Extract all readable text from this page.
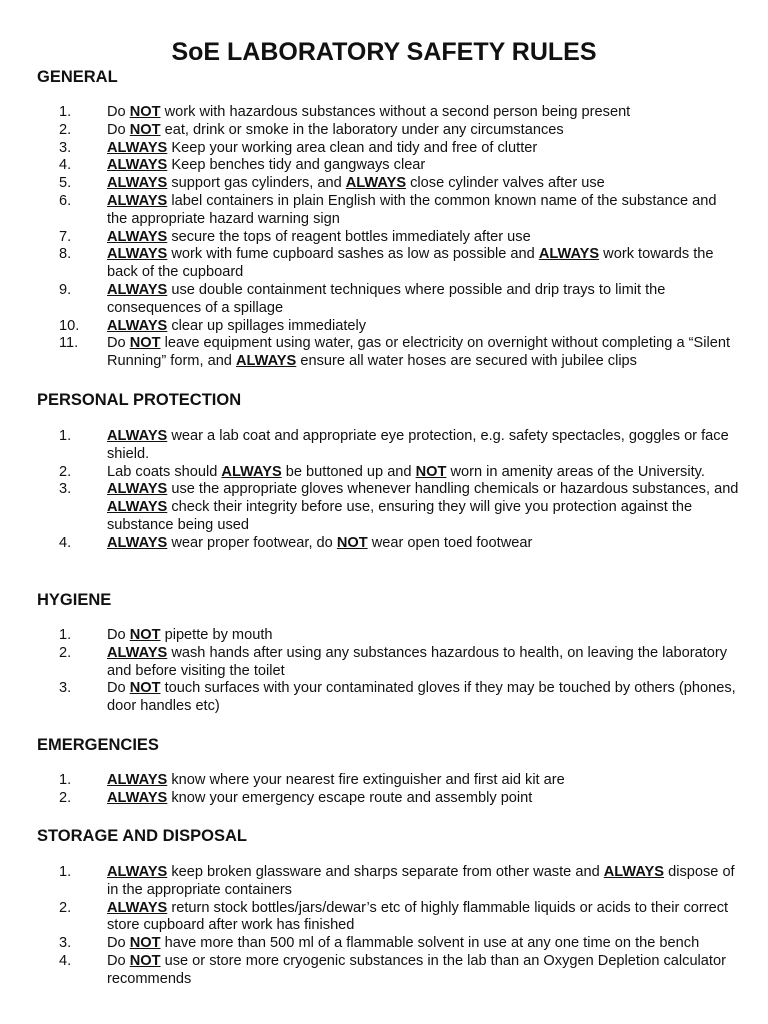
SoE LABORATORY SAFETY RULES
GENERAL
1.	Do NOT work with hazardous substances without a second person being present
2.	Do NOT eat, drink or smoke in the laboratory under any circumstances
3.	ALWAYS Keep your working area clean and tidy and free of clutter
4.	ALWAYS Keep benches tidy and gangways clear
5.	ALWAYS support gas cylinders, and ALWAYS close cylinder valves after use
6.	ALWAYS label containers in plain English with the common known name of the substance and the appropriate hazard warning sign
7.	ALWAYS secure the tops of reagent bottles immediately after use
8.	ALWAYS work with fume cupboard sashes as low as possible and ALWAYS work towards the back of the cupboard
9.	ALWAYS use double containment techniques where possible and drip trays to limit the consequences of a spillage
10. ALWAYS clear up spillages immediately
11. Do NOT leave equipment using water, gas or electricity on overnight without completing a “Silent Running” form, and ALWAYS ensure all water hoses are secured with jubilee clips
PERSONAL PROTECTION
1.	ALWAYS wear a lab coat and appropriate eye protection, e.g. safety spectacles, goggles or face shield.
2.	Lab coats should ALWAYS be buttoned up and NOT worn in amenity areas of the University.
3.	ALWAYS use the appropriate gloves whenever handling chemicals or hazardous substances, and ALWAYS check their integrity before use, ensuring they will give you protection against the substance being used
4.	ALWAYS wear proper footwear, do NOT wear open toed footwear
HYGIENE
1.	Do NOT pipette by mouth
2.	ALWAYS wash hands after using any substances hazardous to health, on leaving the laboratory and before visiting the toilet
3.	Do NOT touch surfaces with your contaminated gloves if they may be touched by others (phones, door handles etc)
EMERGENCIES
1.	ALWAYS know where your nearest fire extinguisher and first aid kit are
2.	ALWAYS know your emergency escape route and assembly point
STORAGE AND DISPOSAL
1.	ALWAYS keep broken glassware and sharps separate from other waste and ALWAYS dispose of in the appropriate containers
2.	ALWAYS return stock bottles/jars/dewar’s etc of highly flammable liquids or acids to their correct store cupboard after work has finished
3.	Do NOT have more than 500 ml of a flammable solvent in use at any one time on the bench
4.	Do NOT use or store more cryogenic substances in the lab than an Oxygen Depletion calculator recommends
